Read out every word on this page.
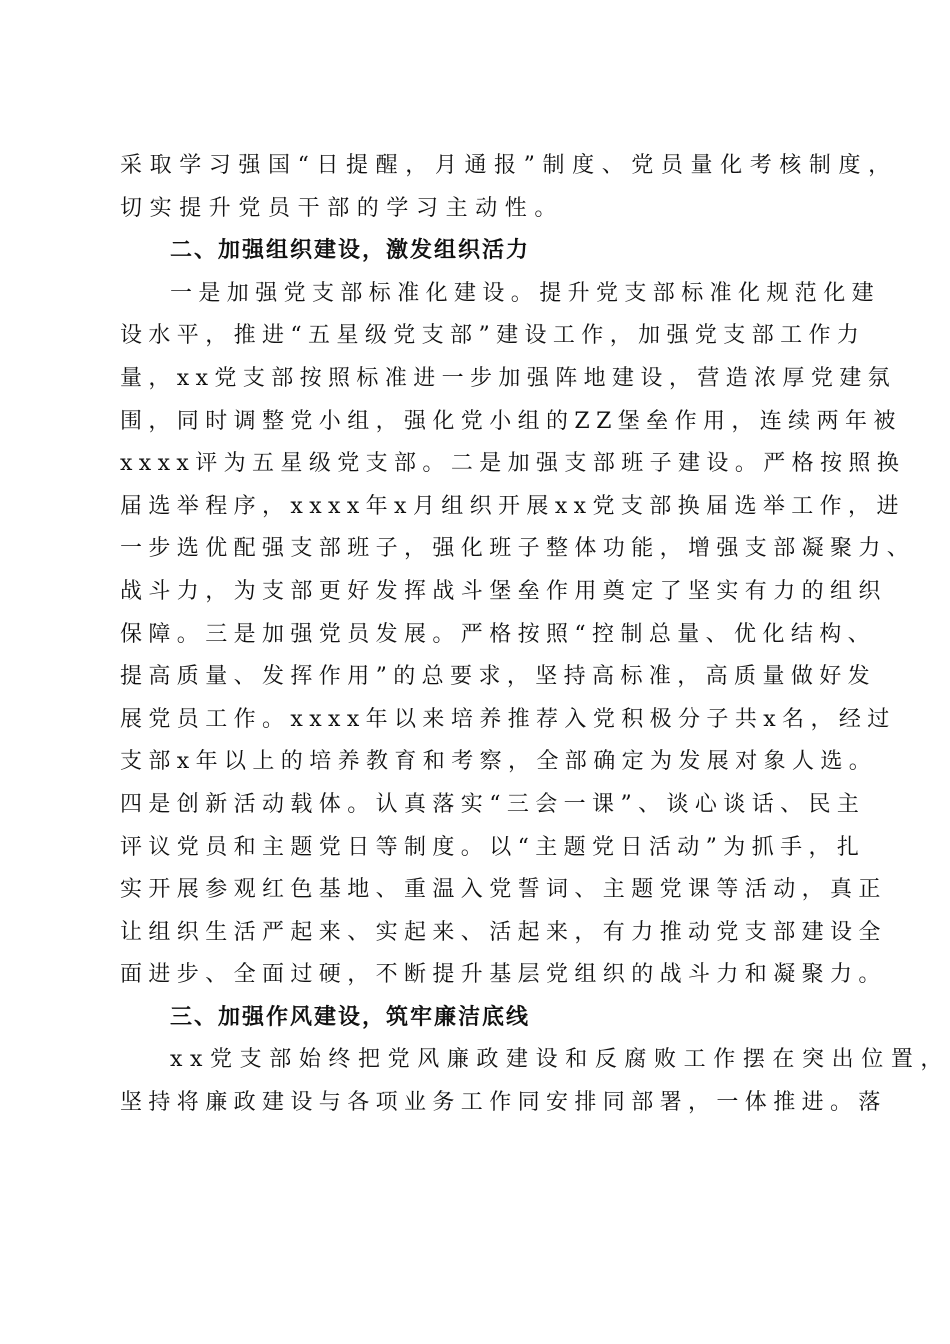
采取学习强国“日提醒，月通报”制度、党员量化考核制度，
切实提升党员干部的学习主动性。
二、加强组织建设，激发组织活力
一是加强党支部标准化建设。提升党支部标准化规范化建
设水平，推进“五星级党支部”建设工作，加强党支部工作力
量，xx党支部按照标准进一步加强阵地建设，营造浓厚党建氛
围，同时调整党小组，强化党小组的ZZ堡垒作用，连续两年被
xxxx评为五星级党支部。二是加强支部班子建设。严格按照换
届选举程序，xxxx年x月组织开展xx党支部换届选举工作，进
一步选优配强支部班子，强化班子整体功能，增强支部凝聚力、
战斗力，为支部更好发挥战斗堡垒作用奠定了坚实有力的组织
保障。三是加强党员发展。严格按照“控制总量、优化结构、
提高质量、发挥作用”的总要求，坚持高标准，高质量做好发
展党员工作。xxxx年以来培养推荐入党积极分子共x名，经过
支部x年以上的培养教育和考察，全部确定为发展对象人选。
四是创新活动载体。认真落实“三会一课”、谈心谈话、民主
评议党员和主题党日等制度。以“主题党日活动”为抓手，扎
实开展参观红色基地、重温入党誓词、主题党课等活动，真正
让组织生活严起来、实起来、活起来，有力推动党支部建设全
面进步、全面过硬，不断提升基层党组织的战斗力和凝聚力。
三、加强作风建设，筑牢廉洁底线
xx党支部始终把党风廉政建设和反腐败工作摆在突出位置，
坚持将廉政建设与各项业务工作同安排同部署，一体推进。落
